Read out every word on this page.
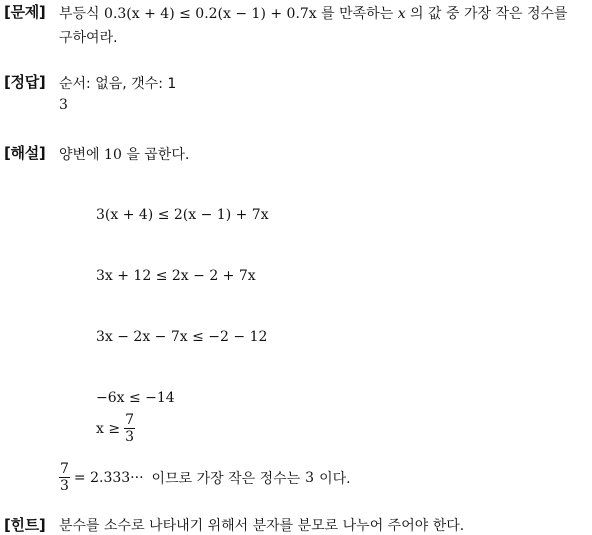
[문제] 부등식 0.3(x + 4) ≤ 0.2(x − 1) + 0.7x 를 만족하는 x 의 값 중 가장 작은 정수를
구하여라.
[정답] 순서: 없음, 갯수: 1
3
[해설] 양변에 10 을 곱한다.
3(x + 4) ≤ 2(x − 1) + 7x
3x + 12 ≤ 2x − 2 + 7x
3x − 2x − 7x ≤ −2 − 12
−6x ≤ −14
$x \ge \frac{7}{3}$
$\frac{7}{3} = 2.333\cdot\cdot\cdot$ 이므로 가장 작은 정수는 3 이다.
[힌트] 분수를 소수로 나타내기 위해서 분자를 분모로 나누어 주어야 한다.
